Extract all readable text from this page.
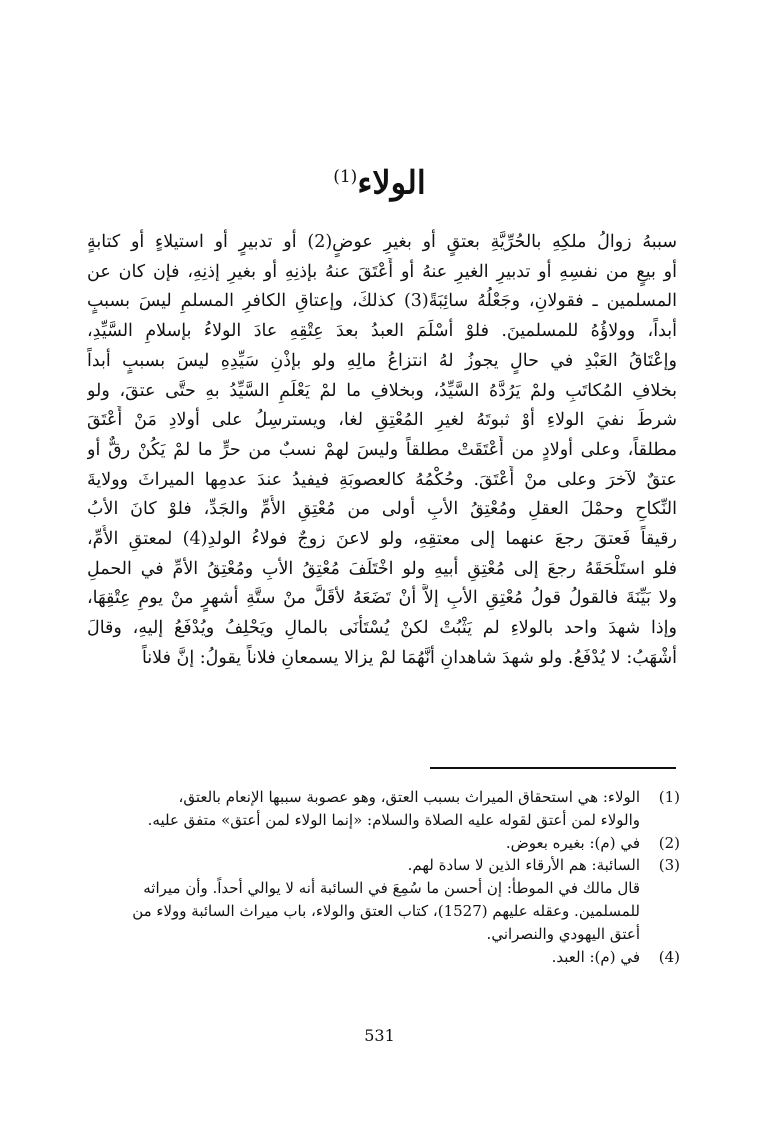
الولاء$^{(1)}$
سببهُ زوالُ ملكِهِ بالحُرِّيَّةِ بعتقٍ أو بغيرِ عوضٍ(2) أو تدبيرٍ أو استيلاءٍ أو كتابةٍ
أو بيعٍ من نفسِهِ أو تدبيرِ الغيرِ عنهُ أو أَعْتَقَ عنهُ بإذنِهِ أو بغيرِ إذنِهِ، فإن كان عن
المسلمين ـ فقولانِ، وجَعْلُهُ سائِبَةً(3) كذلكَ، وإعتاقِ الكافرِ المسلمِ ليسَ بسببٍ
أبداً، وولاؤُهُ للمسلمينَ. فلوْ أسْلَمَ العبدُ بعدَ عِتْقِهِ عادَ الولاءُ بإسلامِ السَّيِّدِ،
وإعْتَاقُ العَبْدِ في حالٍ يجوزُ لهُ انتزاعُ مالِهِ ولو بإذْنِ سَيِّدِهِ ليسَ بسببٍ أبداً
بخلافِ المُكاتَبِ ولمْ يَرُدَّهُ السَّيِّدُ، وبخلافِ ما لمْ يَعْلَمِ السَّيِّدُ بهِ حتَّى عتقَ، ولو
شرطَ نفيَ الولاءِ أوْ ثبوتَهُ لغيرِ المُعْتِقِ لغا، ويسترسِلُ على أولادِ مَنْ أَعْتَقَ
مطلقاً، وعلى أولادٍ من أَعْتَقَتْ مطلقاً وليسَ لهمْ نسبٌ من حرٍّ ما لمْ يَكُنْ رقٌّ أو
عتقٌ لآخرَ وعلى منْ أَعْتَقَ. وحُكْمُهُ كالعصوبَةِ فيفيدُ عندَ عدمِها الميراثَ وولايةَ
النِّكاحِ وحمْلَ العقلِ ومُعْتِقُ الأبِ أولى من مُعْتِقِ الأُمِّ والجَدِّ، فلوْ كانَ الأبُ
رقيقاً فَعتقَ رجعَ عنهما إلى معتقِهِ، ولو لاعنَ زوجٌ فولاءُ الولدِ(4) لمعتقِ الأُمِّ،
فلو استَلْحَقَهُ رجعَ إلى مُعْتِقِ أبيهِ ولو اخْتَلَفَ مُعْتِقُ الأبِ ومُعْتِقُ الأمِّ في الحملِ
ولا بَيِّنَةَ فالقولُ قولُ مُعْتِقِ الأبِ إلاَّ أنْ تَضَعَهُ لأقَلَّ منْ ستَّةِ أشهرٍ منْ يومِ عِتْقِهَا،
وإذا شهدَ واحد بالولاءِ لم يَثْبُتْ لكنْ يُسْتَأْنَى بالمالِ ويَحْلِفُ ويُدْفَعُ إليهِ، وقالَ
أشْهَبُ: لا يُدْفَعُ. ولو شهدَ شاهدانِ أنَّهُمَا لمْ يزالا يسمعانِ فلاناً يقولُ: إنَّ فلاناً
(1)
الولاء: هي استحقاق الميراث بسبب العتق، وهو عصوبة سببها الإنعام بالعتق،
والولاء لمن أعتق لقوله عليه الصلاة والسلام: «إنما الولاء لمن أعتق» متفق عليه.
(2)
في (م): بغيره بعوض.
(3)
السائبة: هم الأرقاء الذين لا سادة لهم.
قال مالك في الموطأ: إن أحسن ما سُمِعَ في السائبة أنه لا يوالي أحداً. وأن ميراثه
للمسلمين. وعقله عليهم (1527)، كتاب العتق والولاء، باب ميراث السائبة وولاء من
أعتق اليهودي والنصراني.
(4)
في (م): العبد.
531
